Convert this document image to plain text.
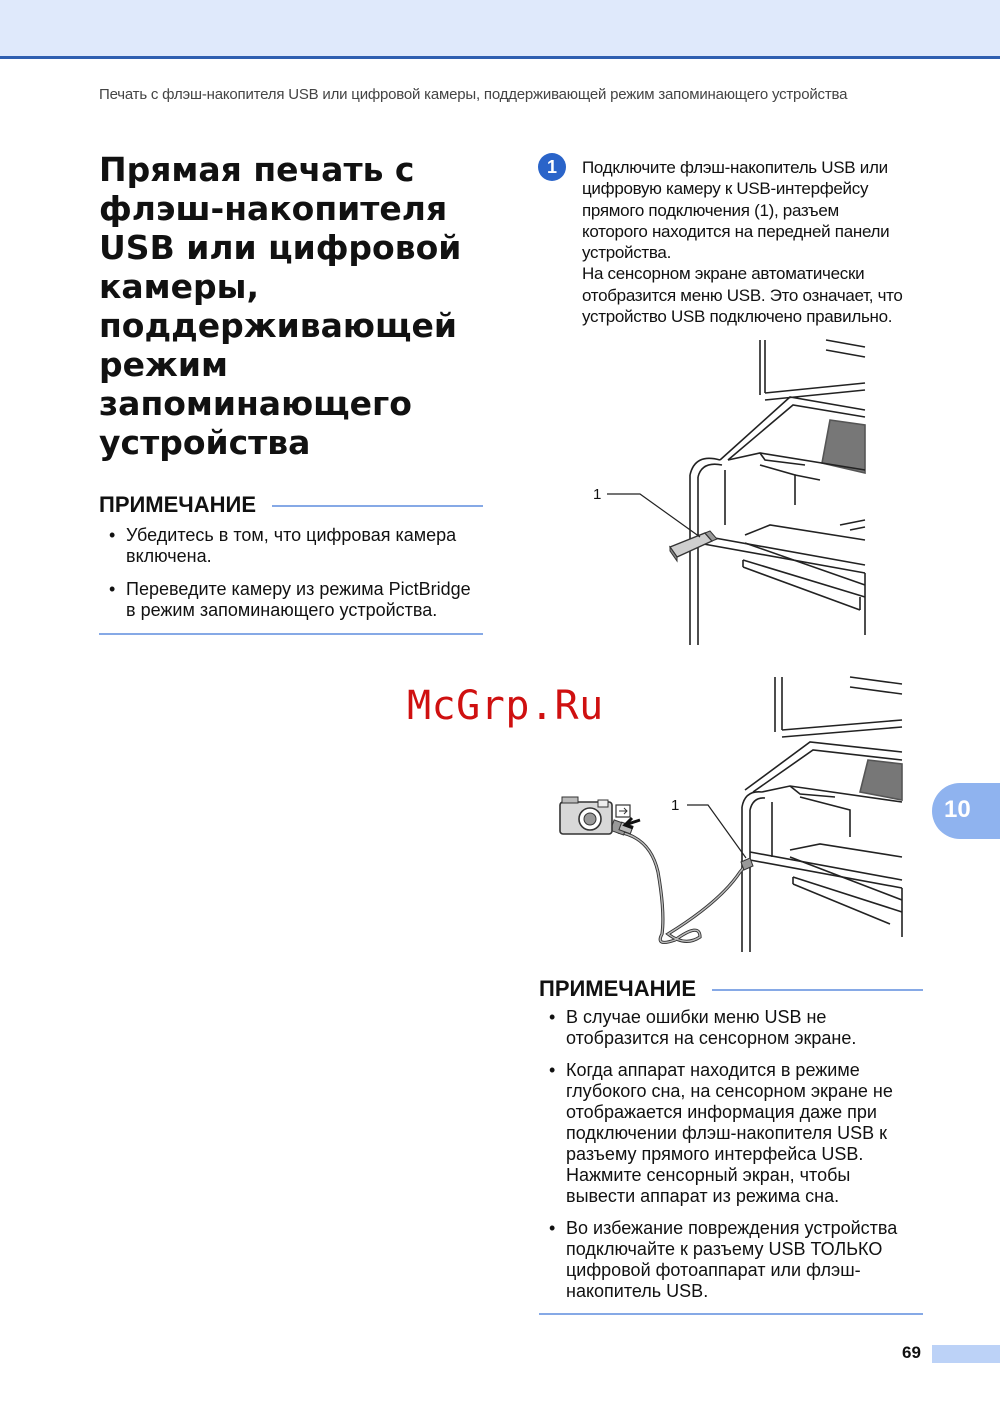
Печать с флэш-накопителя USB или цифровой камеры, поддерживающей режим запоминающего устройства
Прямая печать с
флэш-накопителя
USB или цифровой
камеры,
поддерживающей
режим
запоминающего
устройства
ПРИМЕЧАНИЕ
• Убедитесь в том, что цифровая камера включена.
• Переведите камеру из режима PictBridge в режим запоминающего устройства.
1	Подключите флэш-накопитель USB или

цифровую камеру к USB-интерфейсу

прямого подключения (1), разъем

которого находится на передней панели

устройства.

На сенсорном экране автоматически

отобразится меню USB. Это означает, что

устройство USB подключено правильно.

1
1
McGrp.Ru
10
ПРИМЕЧАНИЕ
• В случае ошибки меню USB не отобразится на сенсорном экране.
• Когда аппарат находится в режиме глубокого сна, на сенсорном экране не отображается информация даже при подключении флэш-накопителя USB к разъему прямого интерфейса USB. Нажмите сенсорный экран, чтобы вывести аппарат из режима сна.
• Во избежание повреждения устройства подключайте к разъему USB ТОЛЬКО цифровой фотоаппарат или флэш-накопитель USB.
69
